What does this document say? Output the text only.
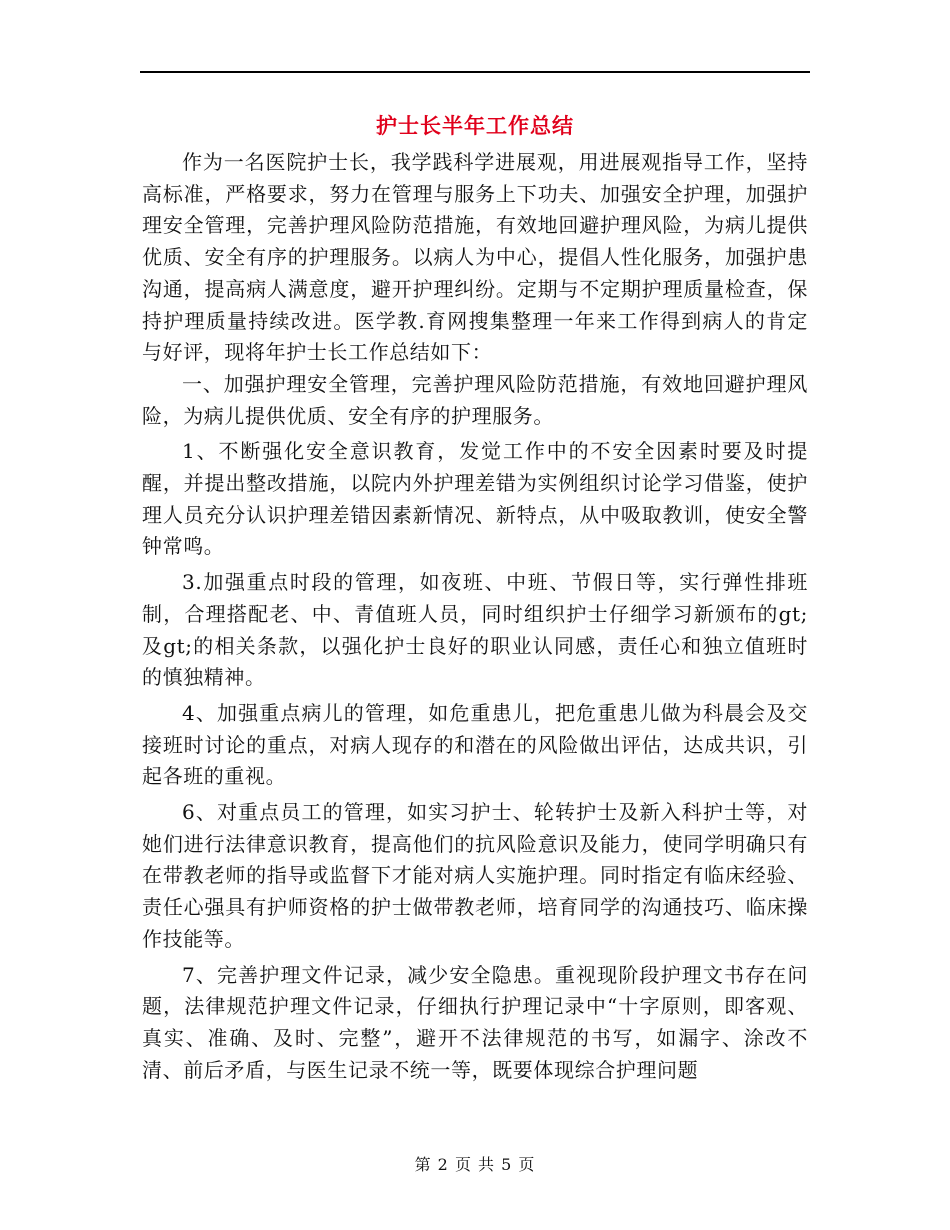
护士长半年工作总结

作为一名医院护士长，我学践科学进展观，用进展观指导工作，坚持高标准，严格要求，努力在管理与服务上下功夫、加强安全护理，加强护理安全管理，完善护理风险防范措施，有效地回避护理风险，为病儿提供优质、安全有序的护理服务。以病人为中心，提倡人性化服务，加强护患沟通，提高病人满意度，避开护理纠纷。定期与不定期护理质量检查，保持护理质量持续改进。医学教.育网搜集整理一年来工作得到病人的肯定与好评，现将年护士长工作总结如下：

一、加强护理安全管理，完善护理风险防范措施，有效地回避护理风险，为病儿提供优质、安全有序的护理服务。

1、不断强化安全意识教育，发觉工作中的不安全因素时要及时提醒，并提出整改措施，以院内外护理差错为实例组织讨论学习借鉴，使护理人员充分认识护理差错因素新情况、新特点，从中吸取教训，使安全警钟常鸣。

3.加强重点时段的管理，如夜班、中班、节假日等，实行弹性排班制，合理搭配老、中、青值班人员，同时组织护士仔细学习新颁布的gt;及gt;的相关条款，以强化护士良好的职业认同感，责任心和独立值班时的慎独精神。

4、加强重点病儿的管理，如危重患儿，把危重患儿做为科晨会及交接班时讨论的重点，对病人现存的和潜在的风险做出评估，达成共识，引起各班的重视。

6、对重点员工的管理，如实习护士、轮转护士及新入科护士等，对她们进行法律意识教育，提高他们的抗风险意识及能力，使同学明确只有在带教老师的指导或监督下才能对病人实施护理。同时指定有临床经验、责任心强具有护师资格的护士做带教老师，培育同学的沟通技巧、临床操作技能等。

7、完善护理文件记录，减少安全隐患。重视现阶段护理文书存在问题，法律规范护理文件记录，仔细执行护理记录中“十字原则，即客观、真实、准确、及时、完整”，避开不法律规范的书写，如漏字、涂改不清、前后矛盾，与医生记录不统一等，既要体现综合护理问题

第 2 页 共 5 页
